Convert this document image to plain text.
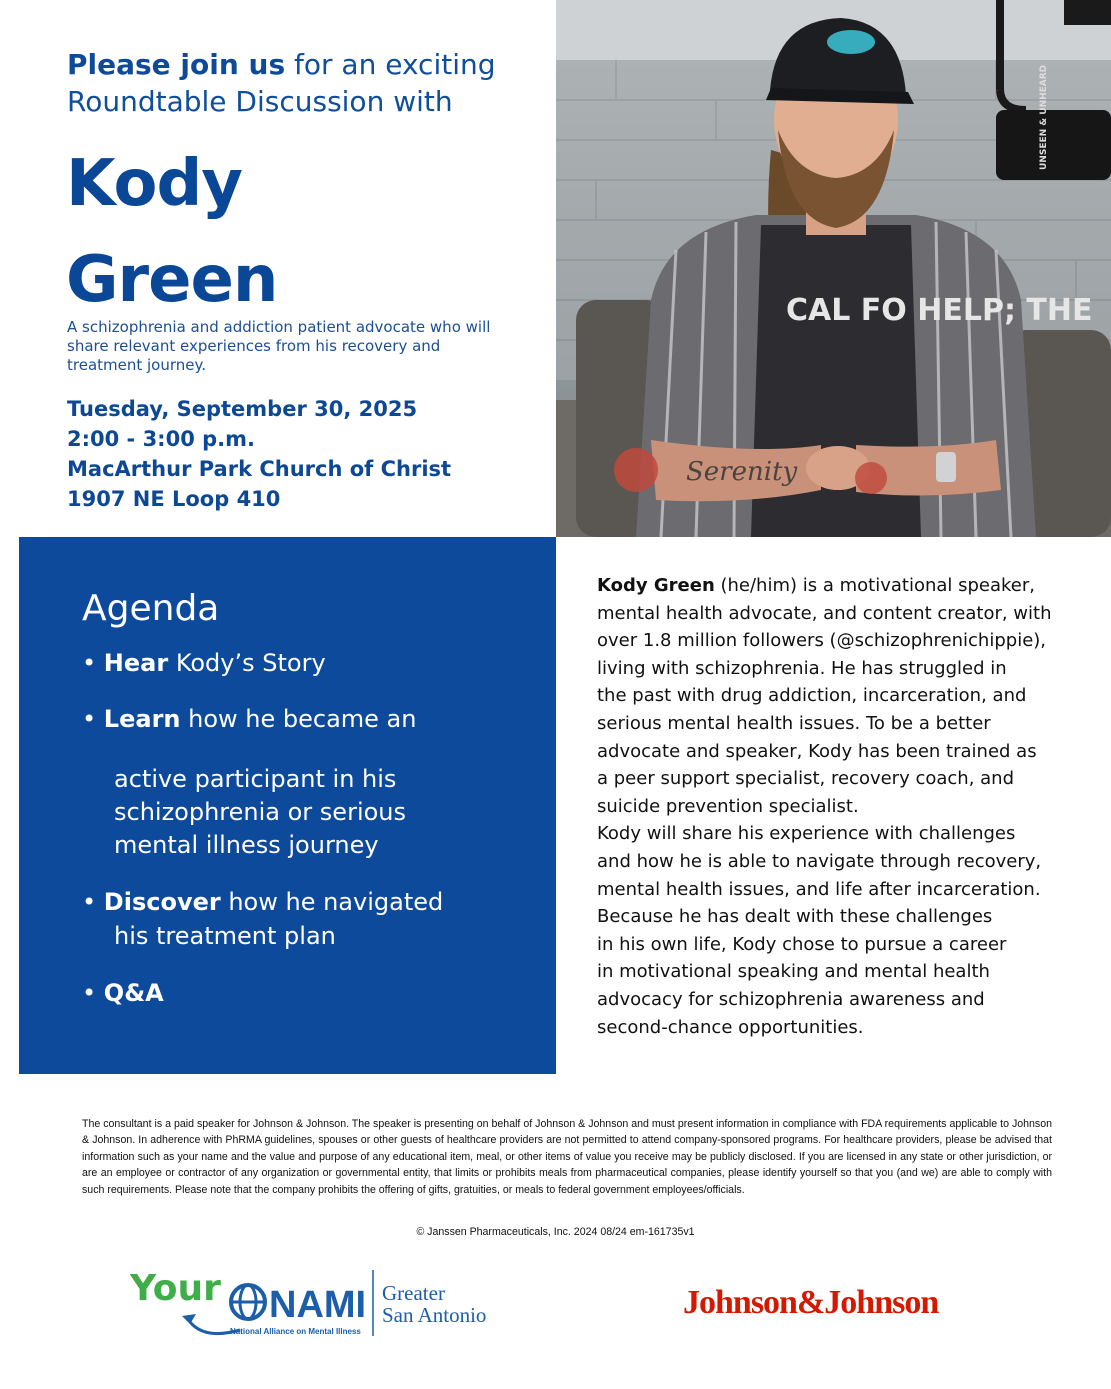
Please join us for an exciting
Roundtable Discussion with
Kody
Green
A schizophrenia and addiction patient advocate who will share relevant experiences from his recovery and treatment journey.
Tuesday, September 30, 2025
2:00 - 3:00 p.m.
MacArthur Park Church of Christ
1907 NE Loop 410
CAL FO HELP; THE
Serenity
UNSEEN & UNHEARD
Agenda
• Hear Kody’s Story
• Learn how he became an
active participant in his
schizophrenia or serious
mental illness journey
• Discover how he navigated
his treatment plan
• Q&A
Kody Green (he/him) is a motivational speaker,
mental health advocate, and content creator, with
over 1.8 million followers (@schizophrenichippie),
living with schizophrenia. He has struggled in
the past with drug addiction, incarceration, and
serious mental health issues. To be a better
advocate and speaker, Kody has been trained as
a peer support specialist, recovery coach, and
suicide prevention specialist.
Kody will share his experience with challenges
and how he is able to navigate through recovery,
mental health issues, and life after incarceration.
Because he has dealt with these challenges
in his own life, Kody chose to pursue a career
in motivational speaking and mental health
advocacy for schizophrenia awareness and
second-chance opportunities.
The consultant is a paid speaker for Johnson & Johnson. The speaker is presenting on behalf of Johnson & Johnson and must present information in compliance with FDA requirements applicable to Johnson & Johnson. In adherence with PhRMA guidelines, spouses or other guests of healthcare providers are not permitted to attend company-sponsored programs. For healthcare providers, please be advised that information such as your name and the value and purpose of any educational item, meal, or other items of value you receive may be publicly disclosed. If you are licensed in any state or other jurisdiction, or are an employee or contractor of any organization or governmental entity, that limits or prohibits meals from pharmaceutical companies, please identify yourself so that you (and we) are able to comply with such requirements. Please note that the company prohibits the offering of gifts, gratuities, or meals to federal government employees/officials.
© Janssen Pharmaceuticals, Inc. 2024 08/24 em-161735v1
Your NAMI
National Alliance on Mental Illness
Greater
San Antonio	Johnson&Johnson
